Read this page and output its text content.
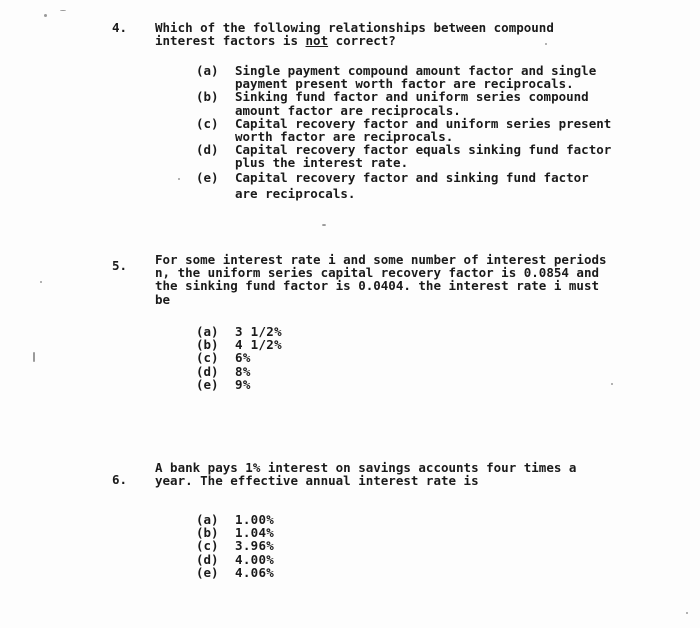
4. Which of the following relationships between compound
interest factors is not correct?
(a)	Single payment compound amount factor and single
payment present worth factor are reciprocals.
(b)	Sinking fund factor and uniform series compound
amount factor are reciprocals.
(c)	Capital recovery factor and uniform series present
worth factor are reciprocals.
(d)	Capital recovery factor equals sinking fund factor
plus the interest rate.
(e)	Capital recovery factor and sinking fund factor
are reciprocals.
5. For some interest rate i and some number of interest periods
n, the uniform series capital recovery factor is 0.0854 and
the sinking fund factor is 0.0404. the interest rate i must
be
(a)	3 1/2%
(b)	4 1/2%
(c)	6%
(d)	8%
(e)	9%
6.
A bank pays 1% interest on savings accounts four times a
year. The effective annual interest rate is
(a)	1.00%
(b)	1.04%
(c)	3.96%
(d)	4.00%
(e)	4.06%
